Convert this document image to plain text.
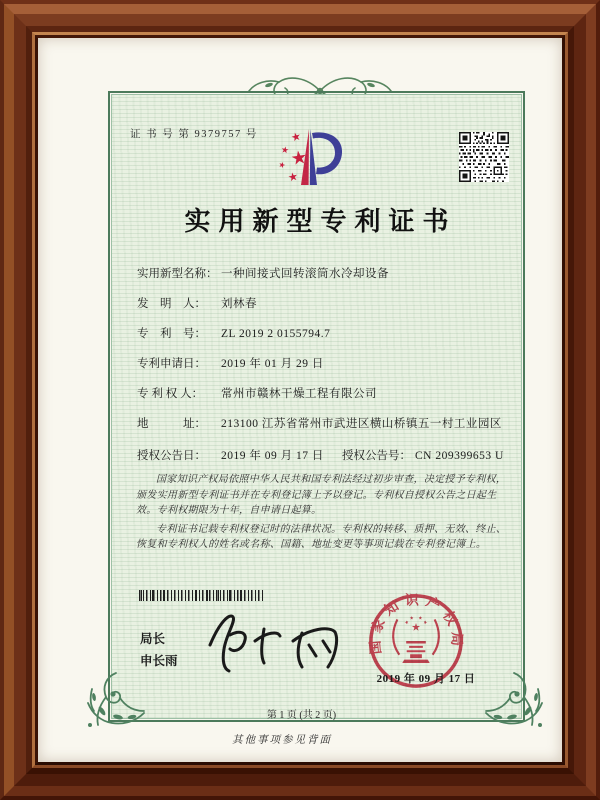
证 书 号 第 9379757 号
实用新型专利证书
实用新型名称： 一种间接式回转滚筒水冷却设备
发　明　人： 刘林春
专　利　号： ZL 2019 2 0155794.7
专利申请日： 2019 年 01 月 29 日
专 利 权 人： 常州市赣林干燥工程有限公司
地　　　址： 213100 江苏省常州市武进区横山桥镇五一村工业园区
授权公告日： 2019 年 09 月 17 日 授权公告号： CN 209399653 U

国家知识产权局依照中华人民共和国专利法经过初步审查，决定授予专利权，颁发实用新型专利证书并在专利登记簿上予以登记。专利权自授权公告之日起生效。专利权期限为十年，自申请日起算。

专利证书记载专利权登记时的法律状况。专利权的转移、质押、无效、终止、恢复和专利权人的姓名或名称、国籍、地址变更等事项记载在专利登记簿上。

局长
申长雨
国家知识产权局
2019 年 09 月 17 日
第 1 页 (共 2 页)
其他事项参见背面
